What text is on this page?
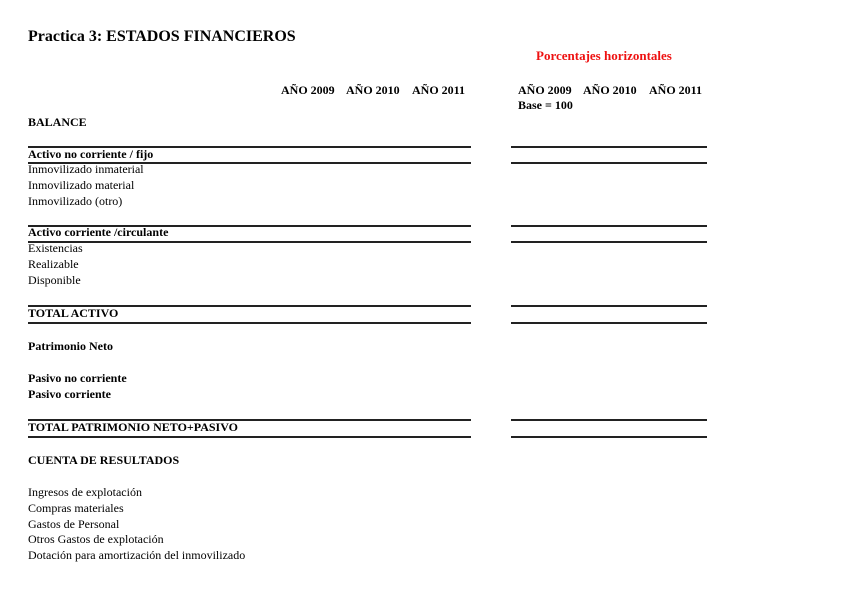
Practica 3: ESTADOS FINANCIEROS
Porcentajes horizontales
AÑO 2009 AÑO 2010 AÑO 2011	AÑO 2009 AÑO 2010 AÑO 2011
Base = 100
BALANCE
Activo no corriente / fijo
Inmovilizado inmaterial
Inmovilizado material
Inmovilizado (otro)
Activo corriente /circulante
Existencias
Realizable
Disponible
TOTAL ACTIVO
Patrimonio Neto
Pasivo no corriente
Pasivo corriente
TOTAL PATRIMONIO NETO+PASIVO
CUENTA DE RESULTADOS
Ingresos de explotación
Compras materiales
Gastos de Personal
Otros Gastos de explotación
Dotación para amortización del inmovilizado
